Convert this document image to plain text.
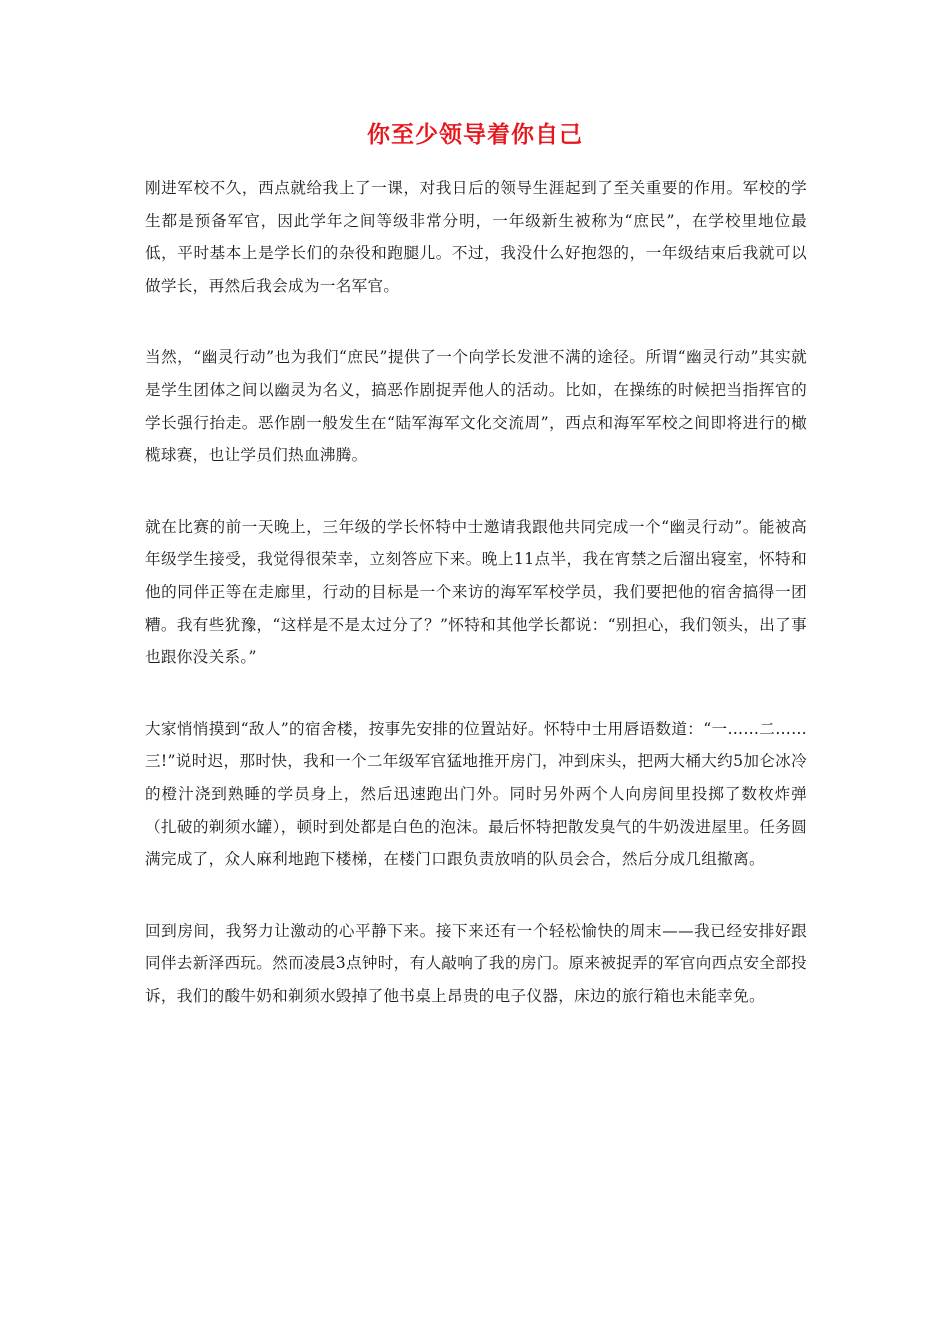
你至少领导着你自己

刚进军校不久，西点就给我上了一课，对我日后的领导生涯起到了至关重要的作用。军校的学生都是预备军官，因此学年之间等级非常分明，一年级新生被称为“庶民”，在学校里地位最低，平时基本上是学长们的杂役和跑腿儿。不过，我没什么好抱怨的，一年级结束后我就可以做学长，再然后我会成为一名军官。

当然，“幽灵行动”也为我们“庶民”提供了一个向学长发泄不满的途径。所谓“幽灵行动”其实就是学生团体之间以幽灵为名义，搞恶作剧捉弄他人的活动。比如，在操练的时候把当指挥官的学长强行抬走。恶作剧一般发生在“陆军海军文化交流周”，西点和海军军校之间即将进行的橄榄球赛，也让学员们热血沸腾。

就在比赛的前一天晚上，三年级的学长怀特中士邀请我跟他共同完成一个“幽灵行动”。能被高年级学生接受，我觉得很荣幸，立刻答应下来。晚上11点半，我在宵禁之后溜出寝室，怀特和他的同伴正等在走廊里，行动的目标是一个来访的海军军校学员，我们要把他的宿舍搞得一团糟。我有些犹豫，“这样是不是太过分了？”怀特和其他学长都说：“别担心，我们领头，出了事也跟你没关系。”

大家悄悄摸到“敌人”的宿舍楼，按事先安排的位置站好。怀特中士用唇语数道：“一……二……三!”说时迟，那时快，我和一个二年级军官猛地推开房门，冲到床头，把两大桶大约5加仑冰冷的橙汁浇到熟睡的学员身上，然后迅速跑出门外。同时另外两个人向房间里投掷了数枚炸弹（扎破的剃须水罐），顿时到处都是白色的泡沫。最后怀特把散发臭气的牛奶泼进屋里。任务圆满完成了，众人麻利地跑下楼梯，在楼门口跟负责放哨的队员会合，然后分成几组撤离。

回到房间，我努力让激动的心平静下来。接下来还有一个轻松愉快的周末——我已经安排好跟同伴去新泽西玩。然而凌晨3点钟时，有人敲响了我的房门。原来被捉弄的军官向西点安全部投诉，我们的酸牛奶和剃须水毁掉了他书桌上昂贵的电子仪器，床边的旅行箱也未能幸免。
